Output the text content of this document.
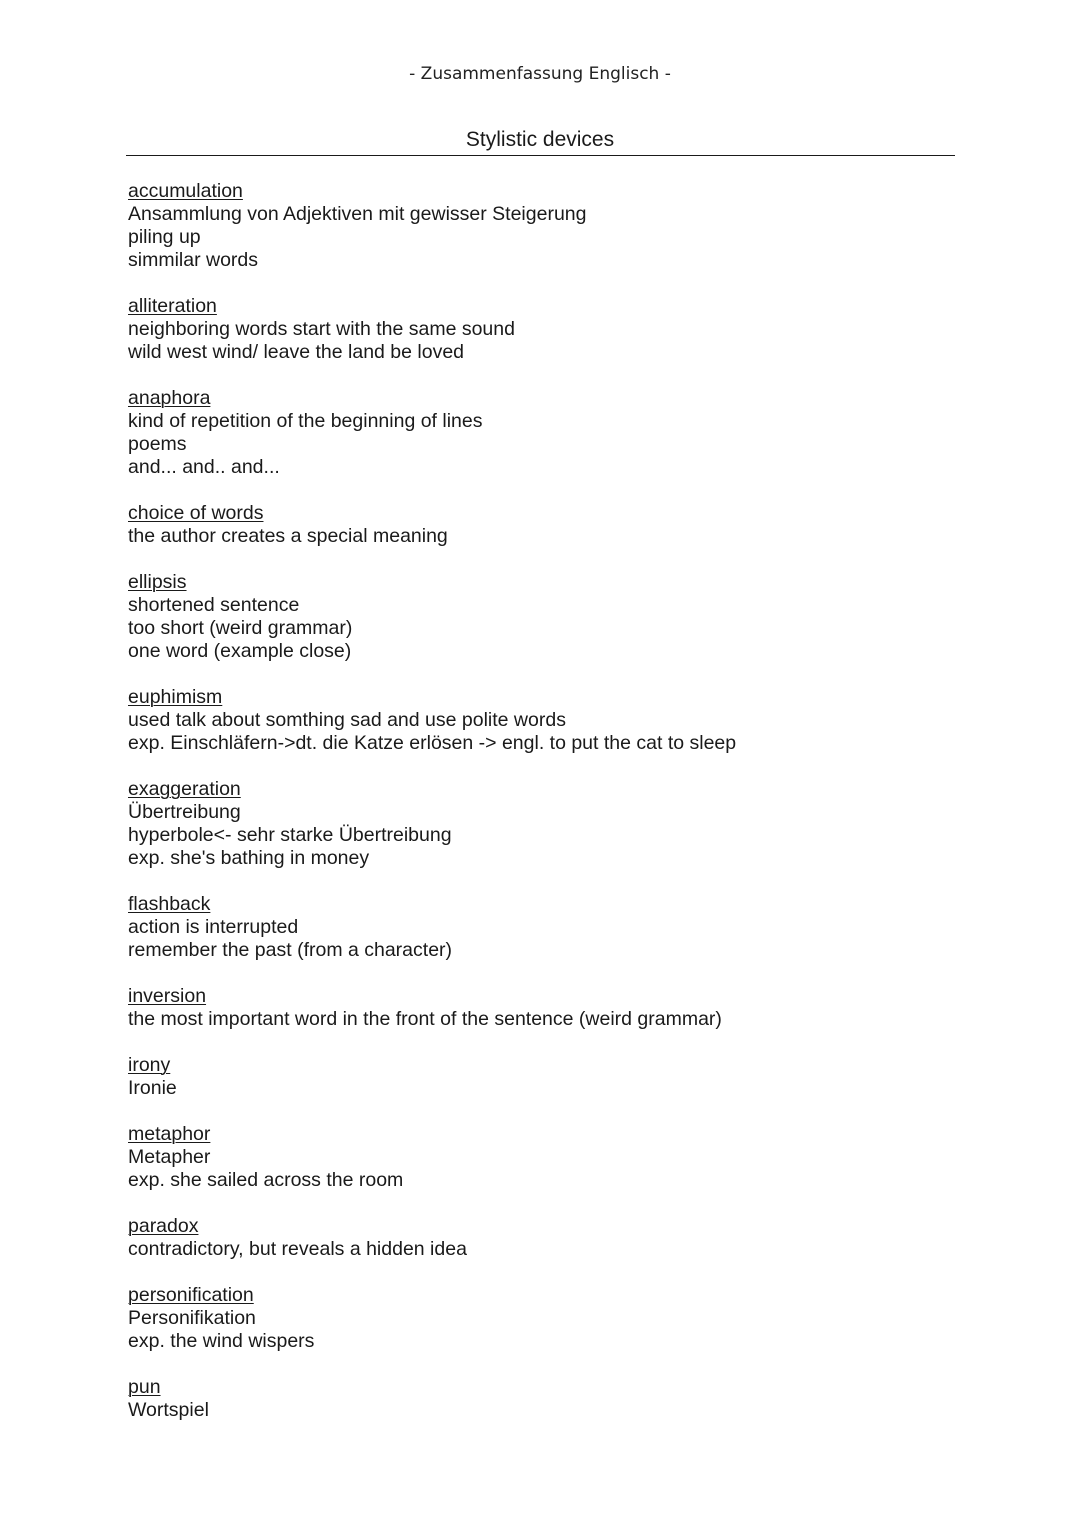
- Zusammenfassung Englisch -
Stylistic devices
accumulation
Ansammlung von Adjektiven mit gewisser Steigerung
piling up
simmilar words
alliteration
neighboring words start with the same sound
wild west wind/ leave the land be loved
anaphora
kind of repetition of the beginning of lines
poems
and... and.. and...
choice of words
the author creates a special meaning
ellipsis
shortened sentence
too short (weird grammar)
one word (example close)
euphimism
used talk about somthing sad and use polite words
exp. Einschläfern->dt. die Katze erlösen -> engl. to put the cat to sleep
exaggeration
Übertreibung
hyperbole<- sehr starke Übertreibung
exp. she's bathing in money
flashback
action is interrupted
remember the past (from a character)
inversion
the most important word in the front of the sentence (weird grammar)
irony
Ironie
metaphor
Metapher
exp. she sailed across the room
paradox
contradictory, but reveals a hidden idea
personification
Personifikation
exp. the wind wispers
pun
Wortspiel
